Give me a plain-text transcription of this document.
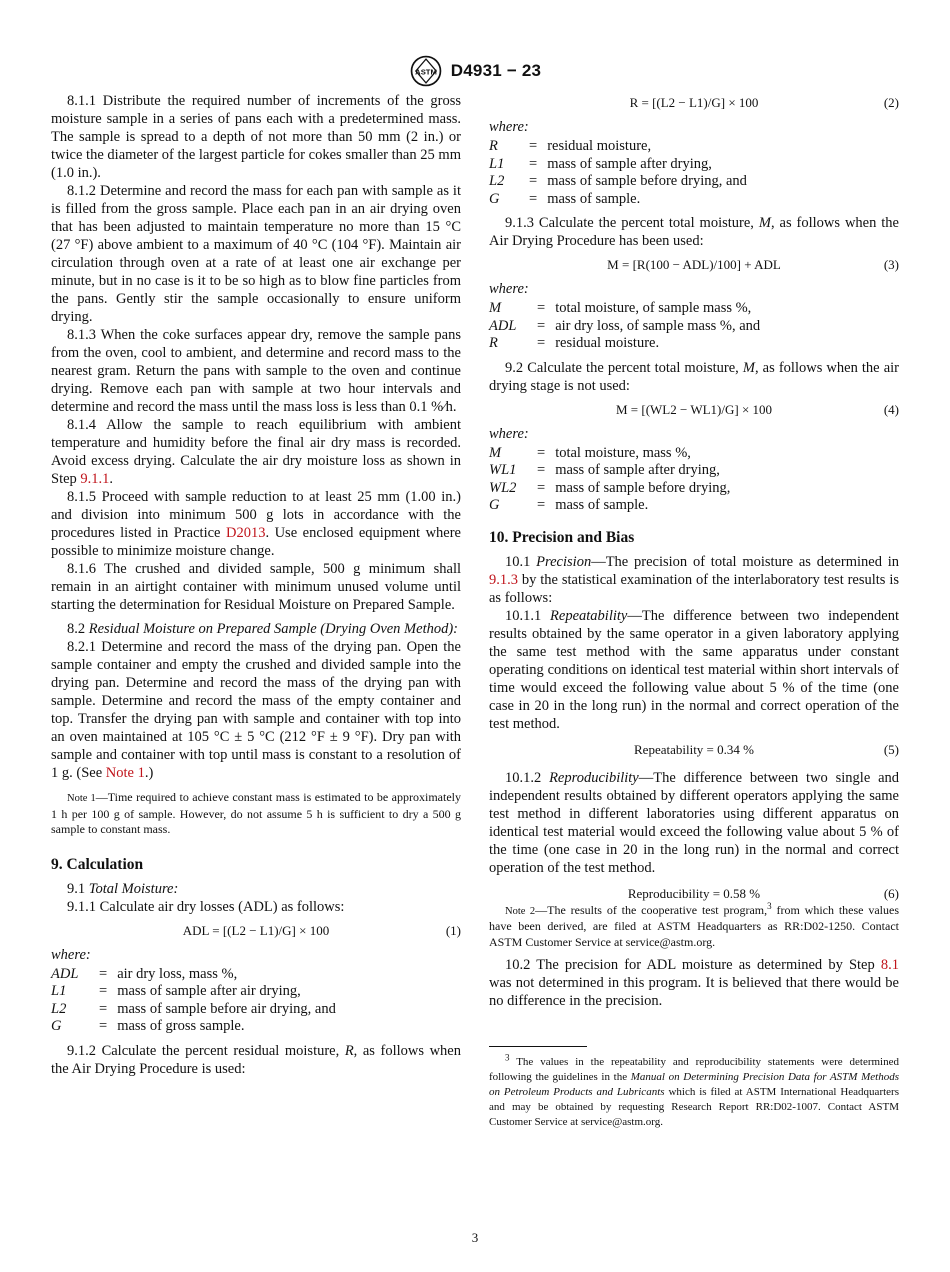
ASTM D4931 − 23

8.1.1 Distribute the required number of increments of the gross moisture sample in a series of pans each with a predetermined mass. The sample is spread to a depth of not more than 50 mm (2 in.) or twice the diameter of the largest particle for cokes smaller than 25 mm (1.0 in.).

8.1.2 Determine and record the mass for each pan with sample as it is filled from the gross sample. Place each pan in an air drying oven that has been adjusted to maintain temperature no more than 15 °C (27 °F) above ambient to a maximum of 40 °C (104 °F). Maintain air circulation through oven at a rate of at least one air exchange per minute, but in no case is it to be so high as to blow fine particles from the pans. Gently stir the sample occasionally to ensure uniform drying.

8.1.3 When the coke surfaces appear dry, remove the sample pans from the oven, cool to ambient, and determine and record mass to the nearest gram. Return the pans with sample to the oven and continue drying. Remove each pan with sample at two hour intervals and determine and record the mass until the mass loss is less than 0.1 %⁄h.

8.1.4 Allow the sample to reach equilibrium with ambient temperature and humidity before the final air dry mass is recorded. Avoid excess drying. Calculate the air dry moisture loss as shown in Step 9.1.1.

8.1.5 Proceed with sample reduction to at least 25 mm (1.00 in.) and division into minimum 500 g lots in accordance with the procedures listed in Practice D2013. Use enclosed equipment where possible to minimize moisture change.

8.1.6 The crushed and divided sample, 500 g minimum shall remain in an airtight container with minimum unused volume until starting the determination for Residual Moisture on Prepared Sample.

8.2 Residual Moisture on Prepared Sample (Drying Oven Method):

8.2.1 Determine and record the mass of the drying pan. Open the sample container and empty the crushed and divided sample into the drying pan. Determine and record the mass of the drying pan with sample. Determine and record the mass of the empty container and top. Transfer the drying pan with sample and container with top into an oven maintained at 105 °C ± 5 °C (212 °F ± 9 °F). Dry pan with sample and container with top until mass is constant to a resolution of 1 g. (See Note 1.)

Note 1—Time required to achieve constant mass is estimated to be approximately 1 h per 100 g of sample. However, do not assume 5 h is sufficient to dry a 500 g sample to constant mass.
9. Calculation

9.1 Total Moisture:

9.1.1 Calculate air dry losses (ADL) as follows:

ADL = [(L2 − L1)/G] × 100	(1)
where:
ADL	=	air dry loss, mass %,
L1	=	mass of sample after air drying,
L2	=	mass of sample before air drying, and
G	=	mass of gross sample.

9.1.2 Calculate the percent residual moisture, R, as follows when the Air Drying Procedure is used:

R = [(L2 − L1)/G] × 100	(2)
where:
R	=	residual moisture,
L1	=	mass of sample after drying,
L2	=	mass of sample before drying, and
G	=	mass of sample.

9.1.3 Calculate the percent total moisture, M, as follows when the Air Drying Procedure has been used:

M = [R(100 − ADL)/100] + ADL	(3)
where:
M	=	total moisture, of sample mass %,
ADL	=	air dry loss, of sample mass %, and
R	=	residual moisture.

9.2 Calculate the percent total moisture, M, as follows when the air drying stage is not used:

M = [(WL2 − WL1)/G] × 100	(4)
where:
M	=	total moisture, mass %,
WL1	=	mass of sample after drying,
WL2	=	mass of sample before drying,
G	=	mass of sample.
10. Precision and Bias

10.1 Precision—The precision of total moisture as determined in 9.1.3 by the statistical examination of the interlaboratory test results is as follows:

10.1.1 Repeatability—The difference between two independent results obtained by the same operator in a given laboratory applying the same test method with the same apparatus under constant operating conditions on identical test material within short intervals of time would exceed the following value about 5 % of the time (one case in 20 in the long run) in the normal and correct operation of the test method.

Repeatability = 0.34 %	(5)

10.1.2 Reproducibility—The difference between two single and independent results obtained by different operators applying the same test method in different laboratories using different apparatus on identical test material would exceed the following value about 5 % of the time (one case in 20 in the long run) in the normal and correct operation of the test method.

Reproducibility = 0.58 %	(6)
Note 2—The results of the cooperative test program,$^3$ from which these values have been derived, are filed at ASTM Headquarters as RR:D02-1250. Contact ASTM Customer Service at service@astm.org.

10.2 The precision for ADL moisture as determined by Step 8.1 was not determined in this program. It is believed that there would be no difference in the precision.

$^3$ The values in the repeatability and reproducibility statements were determined following the guidelines in the Manual on Determining Precision Data for ASTM Methods on Petroleum Products and Lubricants which is filed at ASTM International Headquarters and may be obtained by requesting Research Report RR:D02-1007. Contact ASTM Customer Service at service@astm.org.
3
